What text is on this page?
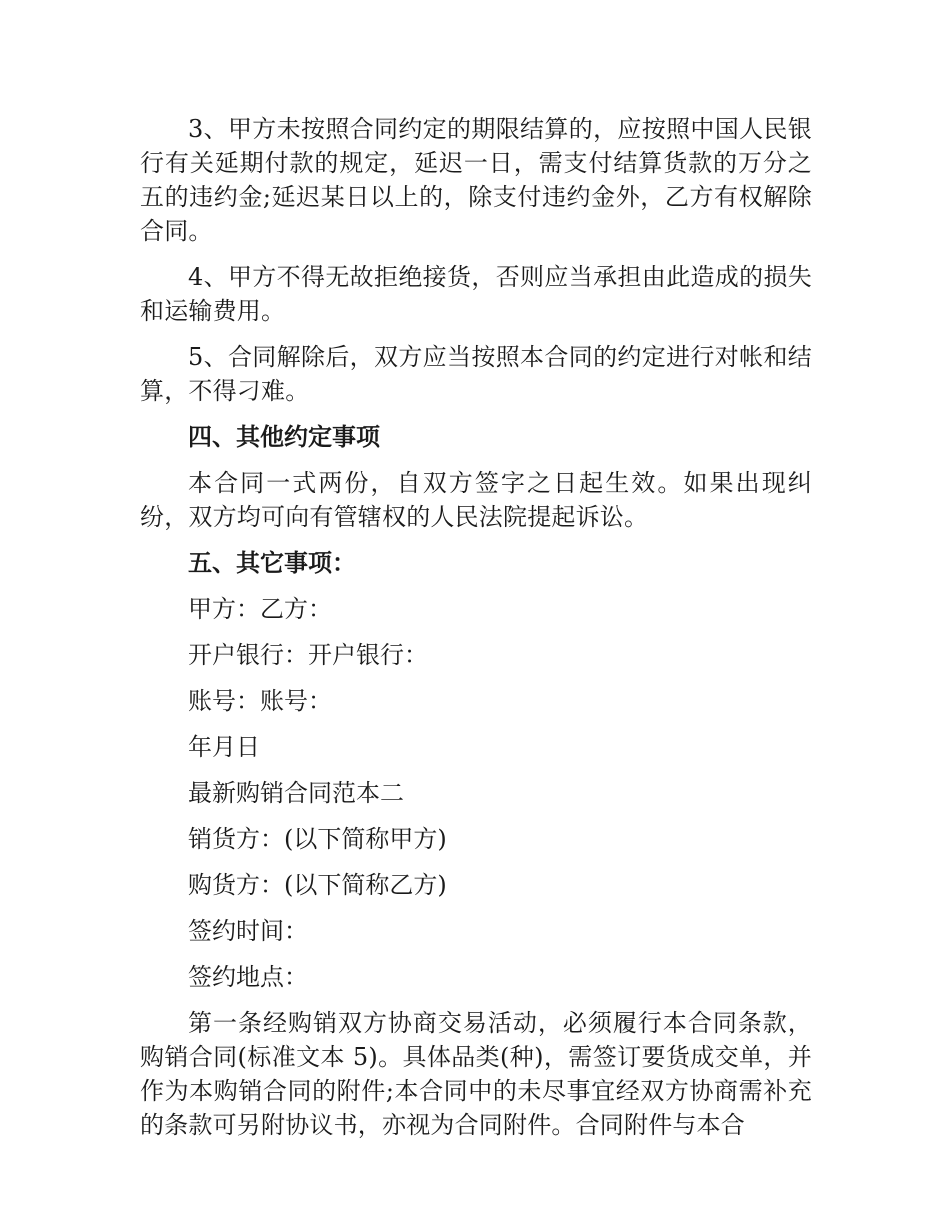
3、甲方未按照合同约定的期限结算的，应按照中国人民银行有关延期付款的规定，延迟一日，需支付结算货款的万分之五的违约金;延迟某日以上的，除支付违约金外，乙方有权解除合同。

4、甲方不得无故拒绝接货，否则应当承担由此造成的损失和运输费用。

5、合同解除后，双方应当按照本合同的约定进行对帐和结算，不得刁难。

四、其他约定事项

本合同一式两份，自双方签字之日起生效。如果出现纠纷，双方均可向有管辖权的人民法院提起诉讼。

五、其它事项：

甲方：乙方：

开户银行：开户银行：

账号：账号：

年月日

最新购销合同范本二

销货方：(以下简称甲方)

购货方：(以下简称乙方)

签约时间：

签约地点：

第一条经购销双方协商交易活动，必须履行本合同条款，购销合同(标准文本 5)。具体品类(种)，需签订要货成交单，并作为本购销合同的附件;本合同中的未尽事宜经双方协商需补充的条款可另附协议书，亦视为合同附件。合同附件与本合
